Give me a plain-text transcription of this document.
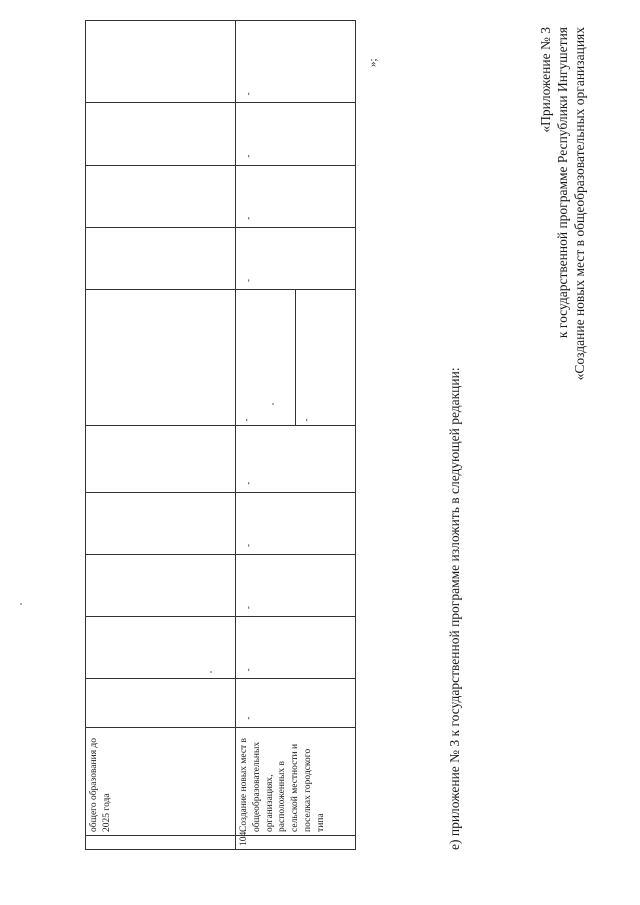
	общего образования до 2025 года										
104.	Создание новых мест в общеобразовательных организациях, расположенных в сельской местности и поселках городского типа	-	-	-	-	-	- -	-	-	-	-
»;
е) приложение № 3 к государственной программе изложить в следующей редакции:
«Приложение № 3 к государственной программе Республики Ингушетия «Создание новых мест в общеобразовательных организациях
